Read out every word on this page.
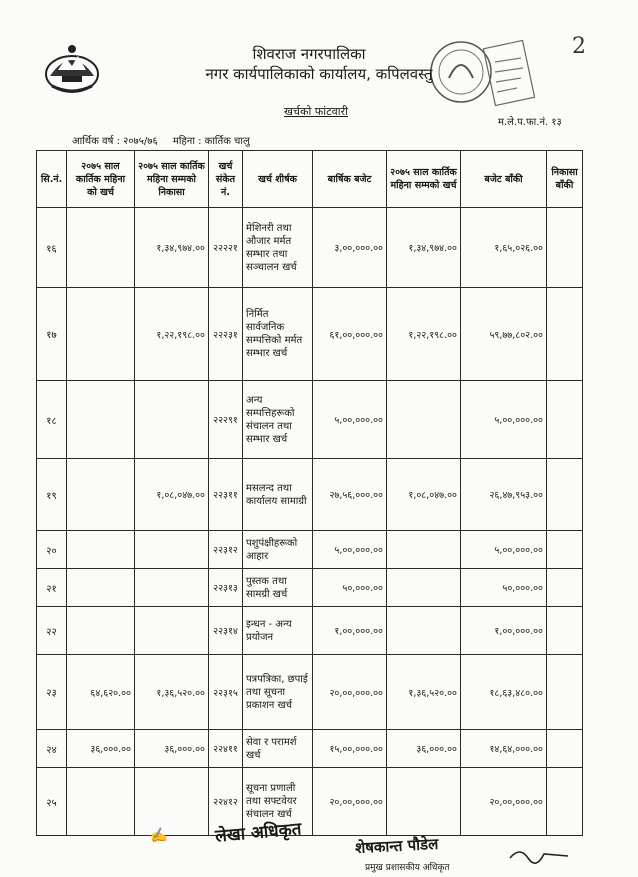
2
शिवराज नगरपालिका
नगर कार्यपालिकाको कार्यालय, कपिलवस्तु
खर्चको फांटवारी
म.ले.प.फा.नं. १३
आर्थिक वर्ष : २०७५/७६ महिना : कार्तिक चालु
सि.नं.	२०७५ साल कार्तिक महिना को खर्च	२०७५ साल कार्तिक महिना सम्मको निकासा	खर्च संकेत नं.	खर्च शीर्षक	बार्षिक बजेट	२०७५ साल कार्तिक महिना सम्मको खर्च	बजेट बाँकी	निकासा बाँकी
१६		१,३४,९७४.००	२२२२१	मेशिनरी तथा औजार मर्मत सम्भार तथा सञ्चालन खर्च	३,००,०००.००	१,३४,९७४.००	१,६५,०२६.००	
१७		१,२२,१९८.००	२२२३१	निर्मित सार्वजनिक सम्पत्तिको मर्मत सम्भार खर्च	६१,००,०००.००	१,२२,१९८.००	५९,७७,८०२.००	
१८			२२२९१	अन्य सम्पत्तिहरूको संचालन तथा सम्भार खर्च	५,००,०००.००		५,००,०००.००	
१९		१,०८,०४७.००	२२३११	मसलन्द तथा कार्यालय सामाग्री	२७,५६,०००.००	१,०८,०४७.००	२६,४७,९५३.००	
२०			२२३१२	पशुपंक्षीहरूको आहार	५,००,०००.००		५,००,०००.००	
२१			२२३१३	पुस्तक तथा सामग्री खर्च	५०,०००.००		५०,०००.००	
२२			२२३१४	इन्धन - अन्य प्रयोजन	१,००,०००.००		१,००,०००.००	
२३	६४,६२०.००	१,३६,५२०.००	२२३१५	पत्रपत्रिका, छपाई तथा सूचना प्रकाशन खर्च	२०,००,०००.००	१,३६,५२०.००	१८,६३,४८०.००	
२४	३६,०००.००	३६,०००.००	२२४११	सेवा र परामर्श खर्च	१५,००,०००.००	३६,०००.००	१४,६४,०००.००	
२५			२२४१२	सूचना प्रणाली तथा सफ्टवेयर संचालन खर्च	२०,००,०००.००		२०,००,०००.००	
✍	लेखा अधिकृत	शेषकान्त पौडेल
प्रमुख प्रशासकीय अधिकृत
